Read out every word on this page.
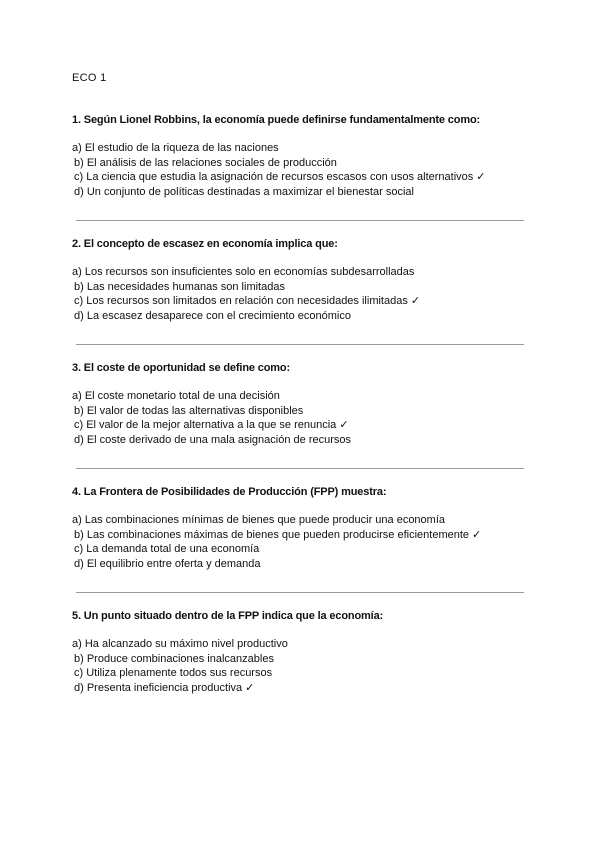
ECO 1
1. Según Lionel Robbins, la economía puede definirse fundamentalmente como:
a) El estudio de la riqueza de las naciones
b) El análisis de las relaciones sociales de producción
c) La ciencia que estudia la asignación de recursos escasos con usos alternativos ✓
d) Un conjunto de políticas destinadas a maximizar el bienestar social
2. El concepto de escasez en economía implica que:
a) Los recursos son insuficientes solo en economías subdesarrolladas
b) Las necesidades humanas son limitadas
c) Los recursos son limitados en relación con necesidades ilimitadas ✓
d) La escasez desaparece con el crecimiento económico
3. El coste de oportunidad se define como:
a) El coste monetario total de una decisión
b) El valor de todas las alternativas disponibles
c) El valor de la mejor alternativa a la que se renuncia ✓
d) El coste derivado de una mala asignación de recursos
4. La Frontera de Posibilidades de Producción (FPP) muestra:
a) Las combinaciones mínimas de bienes que puede producir una economía
b) Las combinaciones máximas de bienes que pueden producirse eficientemente ✓
c) La demanda total de una economía
d) El equilibrio entre oferta y demanda
5. Un punto situado dentro de la FPP indica que la economía:
a) Ha alcanzado su máximo nivel productivo
b) Produce combinaciones inalcanzables
c) Utiliza plenamente todos sus recursos
d) Presenta ineficiencia productiva ✓
